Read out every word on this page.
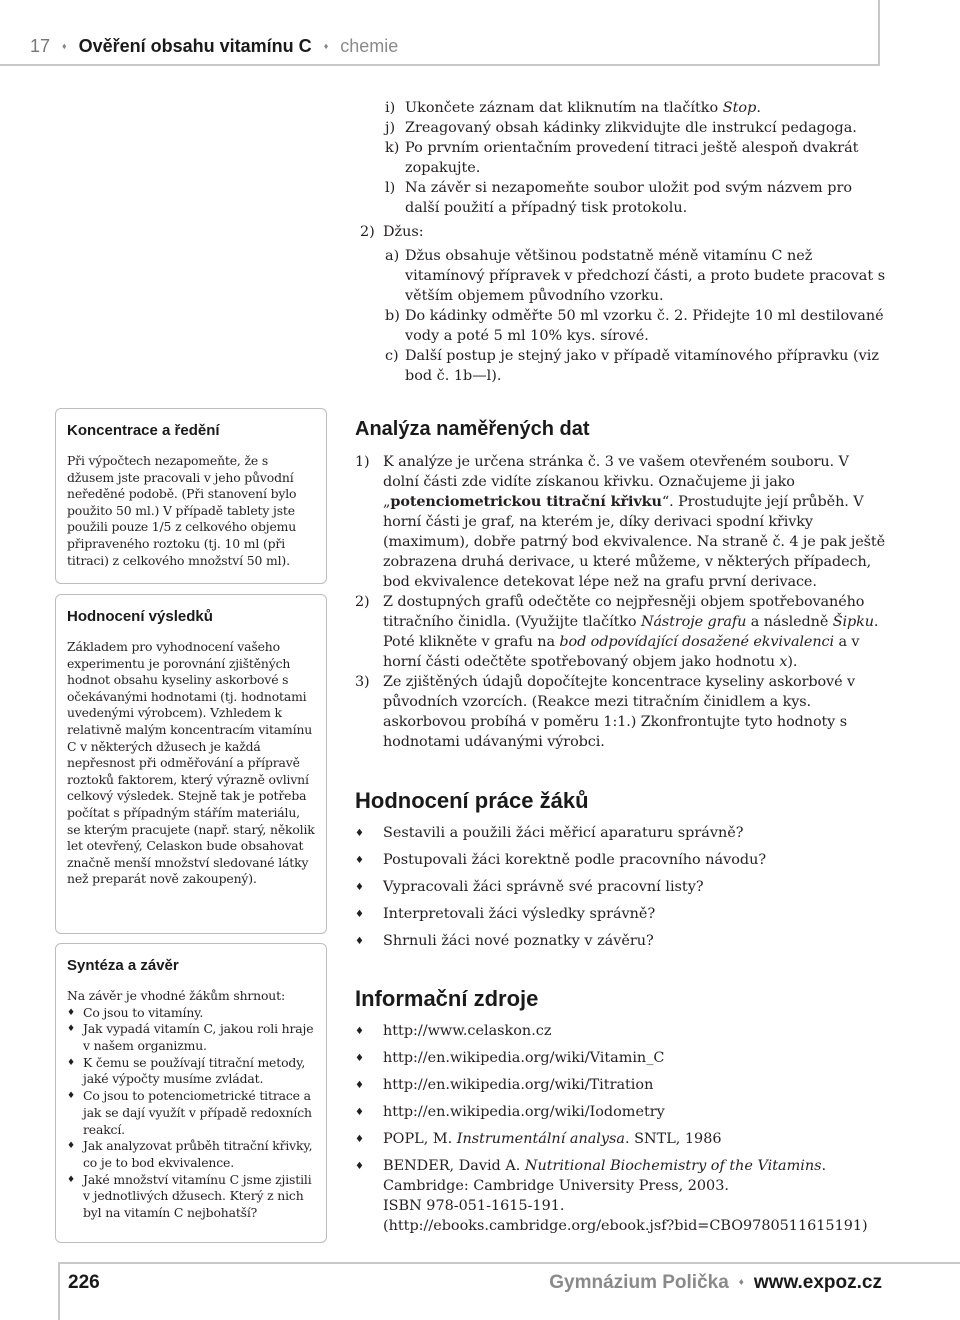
17 ♦ Ověření obsahu vitamínu C ♦ chemie
Koncentrace a ředění

Při výpočtech nezapomeňte, že s džusem jste pracovali v jeho původní neředěné podobě. (Při stanovení bylo použito 50 ml.) V případě tablety jste použili pouze 1/5 z celkového objemu připraveného roztoku (tj. 10 ml (při titraci) z celkového množství 50 ml).

Hodnocení výsledků

Základem pro vyhodnocení vašeho experimentu je porovnání zjištěných hodnot obsahu kyseliny askorbové s očekávanými hodnotami (tj. hodnotami uvedenými výrobcem). Vzhledem k relativně malým koncentracím vitamínu C v některých džusech je každá nepřesnost při odměřování a přípravě roztoků faktorem, který výrazně ovlivní celkový výsledek. Stejně tak je potřeba počítat s případným stářím materiálu, se kterým pracujete (např. starý, několik let otevřený, Celaskon bude obsahovat značně menší množství sledované látky než preparát nově zakoupený).

Syntéza a závěr

Na závěr je vhodné žákům shrnout:

♦ Co jsou to vitamíny.
♦ Jak vypadá vitamín C, jakou roli hraje v našem organizmu.
♦ K čemu se používají titrační metody, jaké výpočty musíme zvládat.
♦ Co jsou to potenciometrické titrace a jak se dají využít v případě redoxních reakcí.
♦ Jak analyzovat průběh titrační křivky, co je to bod ekvivalence.
♦ Jaké množství vitamínu C jsme zjistili v jednotlivých džusech. Který z nich byl na vitamín C nejbohatší?
i) Ukončete záznam dat kliknutím na tlačítko Stop.
j) Zreagovaný obsah kádinky zlikvidujte dle instrukcí pedagoga.
k) Po prvním orientačním provedení titraci ještě alespoň dvakrát zopakujte.
l) Na závěr si nezapomeňte soubor uložit pod svým názvem pro další použití a případný tisk protokolu.
2) Džus:
a) Džus obsahuje většinou podstatně méně vitamínu C než vitamínový přípravek v předchozí části, a proto budete pracovat s větším objemem původního vzorku.
b) Do kádinky odměřte 50 ml vzorku č. 2. Přidejte 10 ml destilované vody a poté 5 ml 10% kys. sírové.
c) Další postup je stejný jako v případě vitamínového přípravku (viz bod č. 1b—l).
Analýza naměřených dat
1) K analýze je určena stránka č. 3 ve vašem otevřeném souboru. V dolní části zde vidíte získanou křivku. Označujeme ji jako „potenciometrickou titrační křivku“. Prostudujte její průběh. V horní části je graf, na kterém je, díky derivaci spodní křivky (maximum), dobře patrný bod ekvivalence. Na straně č. 4 je pak ještě zobrazena druhá derivace, u které můžeme, v některých případech, bod ekvivalence detekovat lépe než na grafu první derivace.
2) Z dostupných grafů odečtěte co nejpřesněji objem spotřebovaného titračního činidla. (Využijte tlačítko Nástroje grafu a následně Šipku. Poté klikněte v grafu na bod odpovídající dosažené ekvivalenci a v horní části odečtěte spotřebovaný objem jako hodnotu x).
3) Ze zjištěných údajů dopočítejte koncentrace kyseliny askorbové v původních vzorcích. (Reakce mezi titračním činidlem a kys. askorbovou probíhá v poměru 1:1.) Zkonfrontujte tyto hodnoty s hodnotami udávanými výrobci.
Hodnocení práce žáků
♦ Sestavili a použili žáci měřicí aparaturu správně?
♦ Postupovali žáci korektně podle pracovního návodu?
♦ Vypracovali žáci správně své pracovní listy?
♦ Interpretovali žáci výsledky správně?
♦ Shrnuli žáci nové poznatky v závěru?
Informační zdroje
♦ http://www.celaskon.cz
♦ http://en.wikipedia.org/wiki/Vitamin_C
♦ http://en.wikipedia.org/wiki/Titration
♦ http://en.wikipedia.org/wiki/Iodometry
♦ POPL, M. Instrumentální analysa. SNTL, 1986
♦ BENDER, David A. Nutritional Biochemistry of the Vitamins. Cambridge: Cambridge University Press, 2003.
ISBN 978-051-1615-191.
(http://ebooks.cambridge.org/ebook.jsf?bid=CBO9780511615191)
226	Gymnázium Polička ♦ www.expoz.cz
